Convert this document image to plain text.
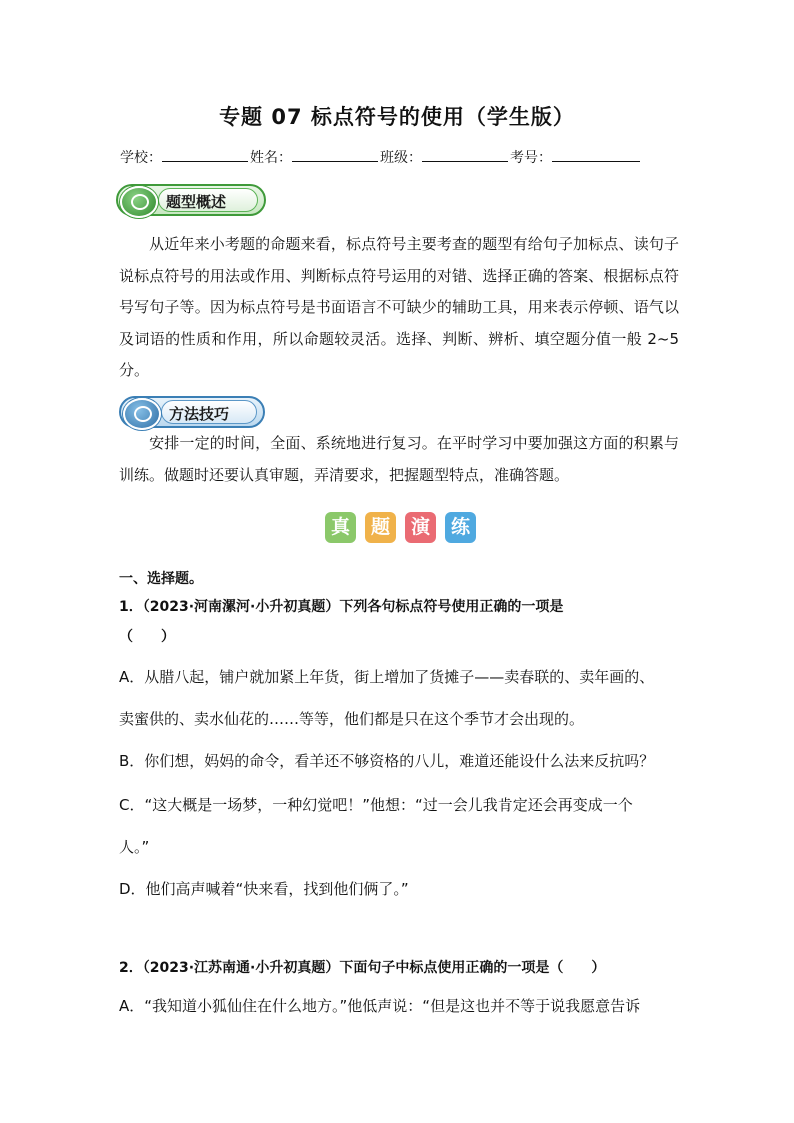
专题 07 标点符号的使用（学生版）
学校：	姓名：	班级：	考号：
题型概述
从近年来小考题的命题来看，标点符号主要考查的题型有给句子加标点、读句子说标点符号的用法或作用、判断标点符号运用的对错、选择正确的答案、根据标点符号写句子等。因为标点符号是书面语言不可缺少的辅助工具，用来表示停顿、语气以及词语的性质和作用，所以命题较灵活。选择、判断、辨析、填空题分值一般 2~5分。
方法技巧
安排一定的时间，全面、系统地进行复习。在平时学习中要加强这方面的积累与训练。做题时还要认真审题，弄清要求，把握题型特点，准确答题。
真	题	演	练
一、选择题。
1．（2023·河南漯河·小升初真题）下列各句标点符号使用正确的一项是
（　　）
A．从腊八起，铺户就加紧上年货，街上增加了货摊子——卖春联的、卖年画的、
卖蜜供的、卖水仙花的……等等，他们都是只在这个季节才会出现的。
B．你们想，妈妈的命令，看羊还不够资格的八儿，难道还能设什么法来反抗吗？
C．“这大概是一场梦，一种幻觉吧！”他想：“过一会儿我肯定还会再变成一个
人。”
D．他们高声喊着“快来看，找到他们俩了。”
2．（2023·江苏南通·小升初真题）下面句子中标点使用正确的一项是（　　）
A．“我知道小狐仙住在什么地方。”他低声说：“但是这也并不等于说我愿意告诉
